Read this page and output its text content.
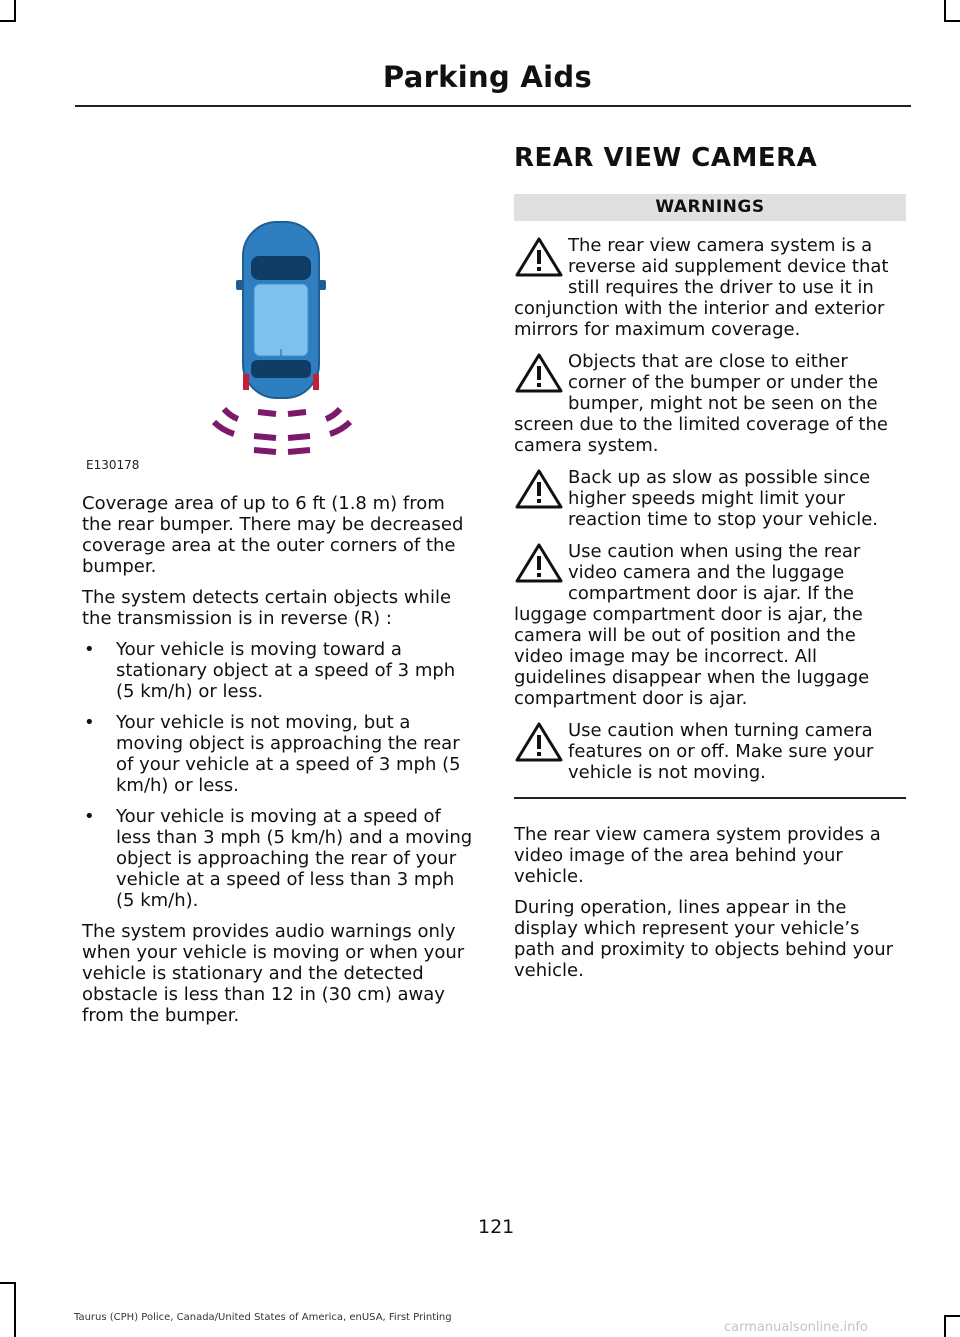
Parking Aids
E130178

Coverage area of up to 6 ft (1.8 m) from the rear bumper. There may be decreased coverage area at the outer corners of the bumper.

The system detects certain objects while the transmission is in reverse (R) :

• Your vehicle is moving toward a stationary object at a speed of 3 mph (5 km/h) or less.
• Your vehicle is not moving, but a moving object is approaching the rear of your vehicle at a speed of 3 mph (5 km/h) or less.
• Your vehicle is moving at a speed of less than 3 mph (5 km/h) and a moving object is approaching the rear of your vehicle at a speed of less than 3 mph (5 km/h).

The system provides audio warnings only when your vehicle is moving or when your vehicle is stationary and the detected obstacle is less than 12 in (30 cm) away from the bumper.

REAR VIEW CAMERA
WARNINGS

The rear view camera system is a reverse aid supplement device that still requires the driver to use it in conjunction with the interior and exterior mirrors for maximum coverage.

Objects that are close to either corner of the bumper or under the bumper, might not be seen on the screen due to the limited coverage of the camera system.

Back up as slow as possible since higher speeds might limit your reaction time to stop your vehicle.

Use caution when using the rear video camera and the luggage compartment door is ajar. If the luggage compartment door is ajar, the camera will be out of position and the video image may be incorrect. All guidelines disappear when the luggage compartment door is ajar.

Use caution when turning camera features on or off. Make sure your vehicle is not moving.

The rear view camera system provides a video image of the area behind your vehicle.

During operation, lines appear in the display which represent your vehicle’s path and proximity to objects behind your vehicle.

121
Taurus (CPH) Police, Canada/United States of America, enUSA, First Printing
carmanualsonline.info
